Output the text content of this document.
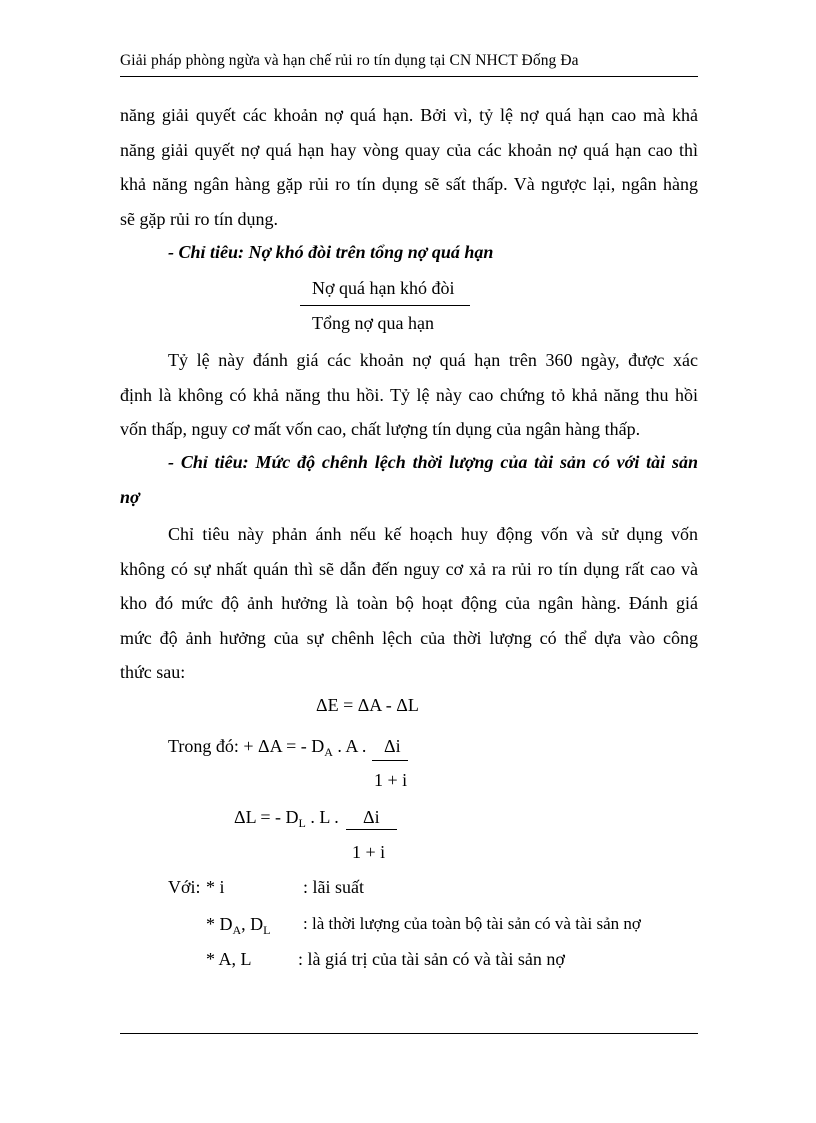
Giải pháp phòng ngừa và hạn chế rủi ro tín dụng tại CN NHCT Đống Đa
năng giải quyết các khoản nợ quá hạn. Bởi vì, tỷ lệ nợ quá hạn cao mà khả
năng giải quyết nợ quá hạn hay vòng quay của các khoản nợ quá hạn cao thì
khả năng ngân hàng gặp rủi ro tín dụng sẽ sất thấp. Và ngược lại, ngân hàng
sẽ gặp rủi ro tín dụng.
- Chỉ tiêu: Nợ khó đòi trên tổng nợ quá hạn
Nợ quá hạn khó đòi
Tổng nợ qua hạn
Tỷ lệ này đánh giá các khoản nợ quá hạn trên 360 ngày, được xác
định là không có khả năng thu hồi. Tỷ lệ này cao chứng tỏ khả năng thu hồi
vốn thấp, nguy cơ mất vốn cao, chất lượng tín dụng của ngân hàng thấp.
- Chỉ tiêu: Mức độ chênh lệch thời lượng của tài sản có với tài sản
nợ
Chỉ tiêu này phản ánh nếu kế hoạch huy động vốn và sử dụng vốn
không có sự nhất quán thì sẽ dẫn đến nguy cơ xả ra rủi ro tín dụng rất cao và
kho đó mức độ ảnh hưởng là toàn bộ hoạt động của ngân hàng. Đánh giá
mức độ ảnh hưởng của sự chênh lệch của thời lượng có thể dựa vào công
thức sau:
ΔE = ΔA - ΔL
Trong đó: + ΔA = - $D_A$ . A . Δi
1 + i
ΔL = - $D_L$ . L . Δi
1 + i
Với: * i	: lãi suất
* $D_A$, $D_L$ : là thời lượng của toàn bộ tài sản có và tài sản nợ
* A, L	: là giá trị của tài sản có và tài sản nợ
